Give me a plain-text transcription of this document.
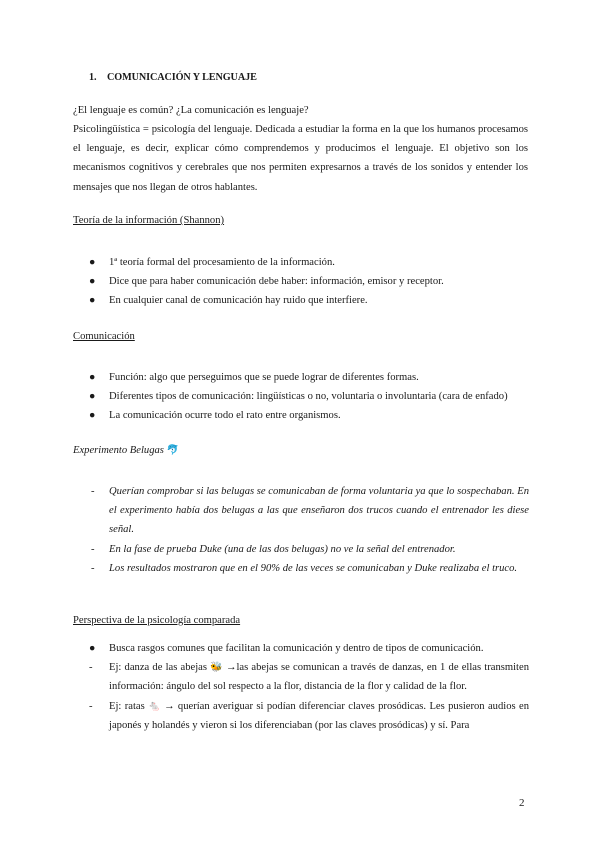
1. COMUNICACIÓN Y LENGUAJE
¿El lenguaje es común? ¿La comunicación es lenguaje?
Psicolingüística = psicología del lenguaje. Dedicada a estudiar la forma en la que los humanos procesamos el lenguaje, es decir, explicar cómo comprendemos y producimos el lenguaje. El objetivo son los mecanismos cognitivos y cerebrales que nos permiten expresarnos a través de los sonidos y entender los mensajes que nos llegan de otros hablantes.
Teoría de la información (Shannon)
●	1ª teoría formal del procesamiento de la información.
●	Dice que para haber comunicación debe haber: información, emisor y receptor.
●	En cualquier canal de comunicación hay ruido que interfiere.
Comunicación
●	Función: algo que perseguimos que se puede lograr de diferentes formas.
●	Diferentes tipos de comunicación: lingüísticas o no, voluntaria o involuntaria (cara de enfado)
●	La comunicación ocurre todo el rato entre organismos.
Experimento Belugas 🐬
- Querían comprobar si las belugas se comunicaban de forma voluntaria ya que lo sospechaban. En el experimento había dos belugas a las que enseñaron dos trucos cuando el entrenador les diese señal.
- En la fase de prueba Duke (una de las dos belugas) no ve la señal del entrenador.
- Los resultados mostraron que en el 90% de las veces se comunicaban y Duke realizaba el truco.
Perspectiva de la psicología comparada
●	Busca rasgos comunes que facilitan la comunicación y dentro de tipos de comunicación.
-	Ej: danza de las abejas 🐝 →las abejas se comunican a través de danzas, en 1 de ellas transmiten información: ángulo del sol respecto a la flor, distancia de la flor y calidad de la flor.
-	Ej: ratas 🐁 → querían averiguar si podían diferenciar claves prosódicas. Les pusieron audios en japonés y holandés y vieron si los diferenciaban (por las claves prosódicas) y sí. Para
2
